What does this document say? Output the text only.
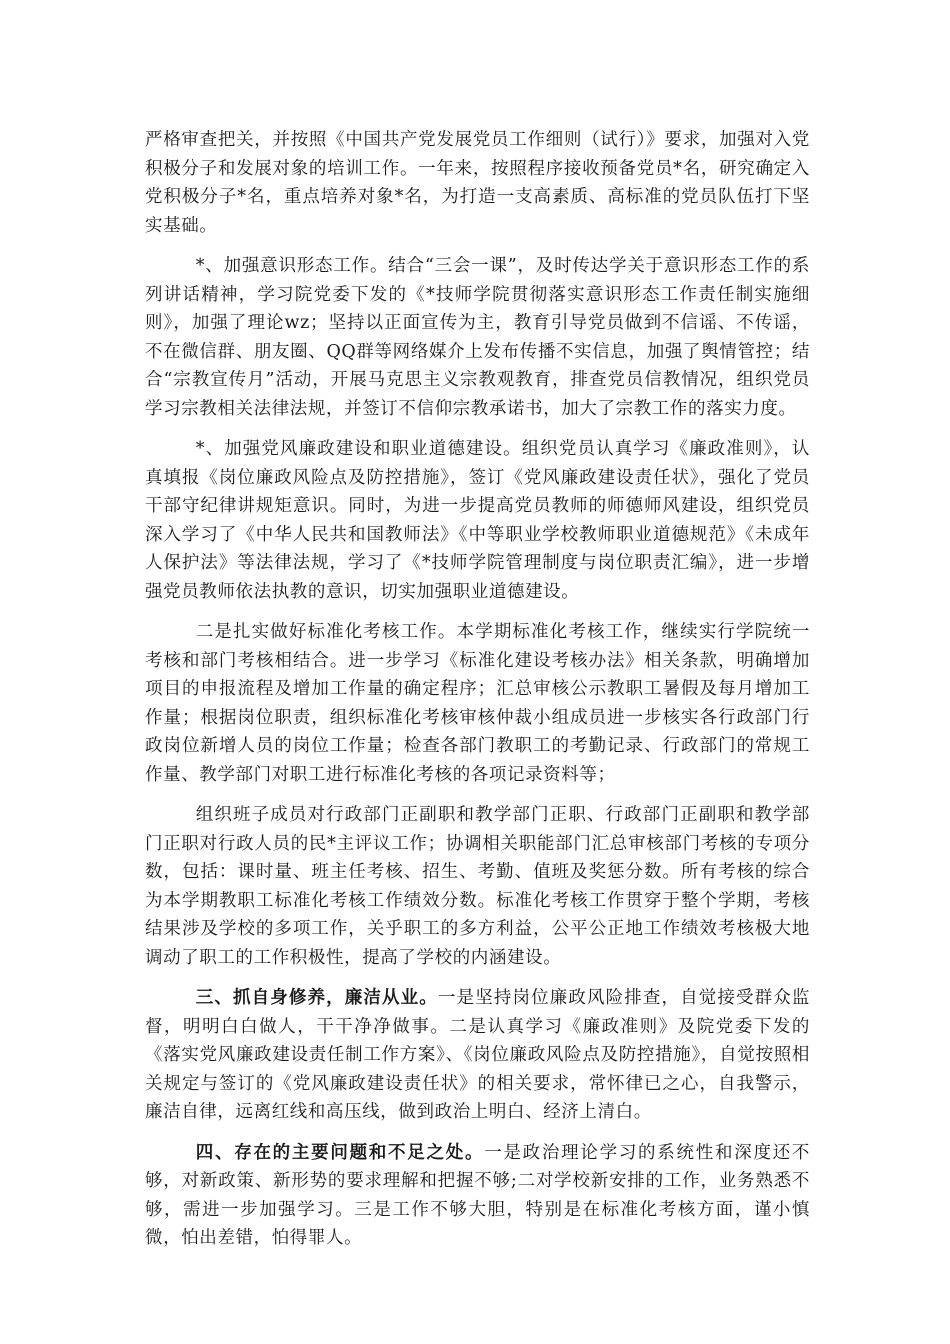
严格审查把关，并按照《中国共产党发展党员工作细则（试行）》要求，加强对入党积极分子和发展对象的培训工作。一年来，按照程序接收预备党员*名，研究确定入党积极分子*名，重点培养对象*名，为打造一支高素质、高标准的党员队伍打下坚实基础。

*、加强意识形态工作。结合“三会一课”，及时传达学关于意识形态工作的系列讲话精神，学习院党委下发的《*技师学院贯彻落实意识形态工作责任制实施细则》，加强了理论wz；坚持以正面宣传为主，教育引导党员做到不信谣、不传谣，不在微信群、朋友圈、QQ群等网络媒介上发布传播不实信息，加强了舆情管控；结合“宗教宣传月”活动，开展马克思主义宗教观教育，排查党员信教情况，组织党员学习宗教相关法律法规，并签订不信仰宗教承诺书，加大了宗教工作的落实力度。

*、加强党风廉政建设和职业道德建设。组织党员认真学习《廉政准则》，认真填报《岗位廉政风险点及防控措施》，签订《党风廉政建设责任状》，强化了党员干部守纪律讲规矩意识。同时，为进一步提高党员教师的师德师风建设，组织党员深入学习了《中华人民共和国教师法》《中等职业学校教师职业道德规范》《未成年人保护法》等法律法规，学习了《*技师学院管理制度与岗位职责汇编》，进一步增强党员教师依法执教的意识，切实加强职业道德建设。

二是扎实做好标准化考核工作。本学期标准化考核工作，继续实行学院统一考核和部门考核相结合。进一步学习《标准化建设考核办法》相关条款，明确增加项目的申报流程及增加工作量的确定程序；汇总审核公示教职工暑假及每月增加工作量；根据岗位职责，组织标准化考核审核仲裁小组成员进一步核实各行政部门行政岗位新增人员的岗位工作量；检查各部门教职工的考勤记录、行政部门的常规工作量、教学部门对职工进行标准化考核的各项记录资料等；

组织班子成员对行政部门正副职和教学部门正职、行政部门正副职和教学部门正职对行政人员的民*主评议工作；协调相关职能部门汇总审核部门考核的专项分数，包括：课时量、班主任考核、招生、考勤、值班及奖惩分数。所有考核的综合为本学期教职工标准化考核工作绩效分数。标准化考核工作贯穿于整个学期，考核结果涉及学校的多项工作，关乎职工的多方利益，公平公正地工作绩效考核极大地调动了职工的工作积极性，提高了学校的内涵建设。

三、抓自身修养，廉洁从业。一是坚持岗位廉政风险排查，自觉接受群众监督，明明白白做人，干干净净做事。二是认真学习《廉政准则》及院党委下发的《落实党风廉政建设责任制工作方案》、《岗位廉政风险点及防控措施》，自觉按照相关规定与签订的《党风廉政建设责任状》的相关要求，常怀律已之心，自我警示，廉洁自律，远离红线和高压线，做到政治上明白、经济上清白。

四、存在的主要问题和不足之处。一是政治理论学习的系统性和深度还不够，对新政策、新形势的要求理解和把握不够;二对学校新安排的工作，业务熟悉不够，需进一步加强学习。三是工作不够大胆，特别是在标准化考核方面，谨小慎微，怕出差错，怕得罪人。
